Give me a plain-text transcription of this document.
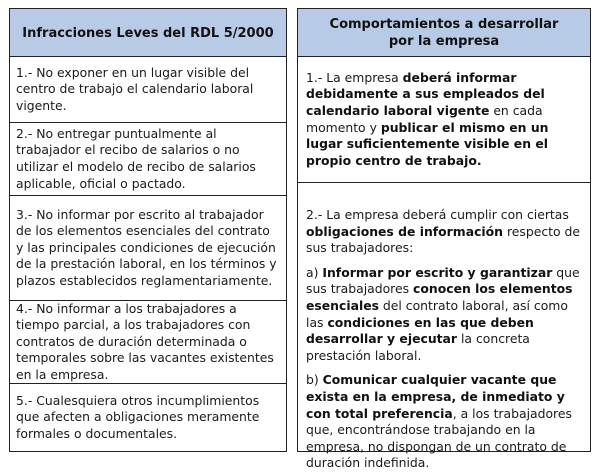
Infracciones Leves del RDL 5/2000
1.- No exponer en un lugar visible del centro de trabajo el calendario laboral vigente.
2.- No entregar puntualmente al trabajador el recibo de salarios o no utilizar el modelo de recibo de salarios aplicable, oficial o pactado.
3.- No informar por escrito al trabajador de los elementos esenciales del contrato y las principales condiciones de ejecución de la prestación laboral, en los términos y plazos establecidos reglamentariamente.
4.- No informar a los trabajadores a tiempo parcial, a los trabajadores con contratos de duración determinada o temporales sobre las vacantes existentes en la empresa.
5.- Cualesquiera otros incumplimientos que afecten a obligaciones meramente formales o documentales.
Comportamientos a desarrollar por la empresa

1.- La empresa deberá informar debidamente a sus empleados del calendario laboral vigente en cada momento y publicar el mismo en un lugar suficientemente visible en el propio centro de trabajo.

2.- La empresa deberá cumplir con ciertas obligaciones de información respecto de sus trabajadores:

a) Informar por escrito y garantizar que sus trabajadores conocen los elementos esenciales del contrato laboral, así como las condiciones en las que deben desarrollar y ejecutar la concreta prestación laboral.

b) Comunicar cualquier vacante que exista en la empresa, de inmediato y con total preferencia, a los trabajadores que, encontrándose trabajando en la empresa, no dispongan de un contrato de duración indefinida.
